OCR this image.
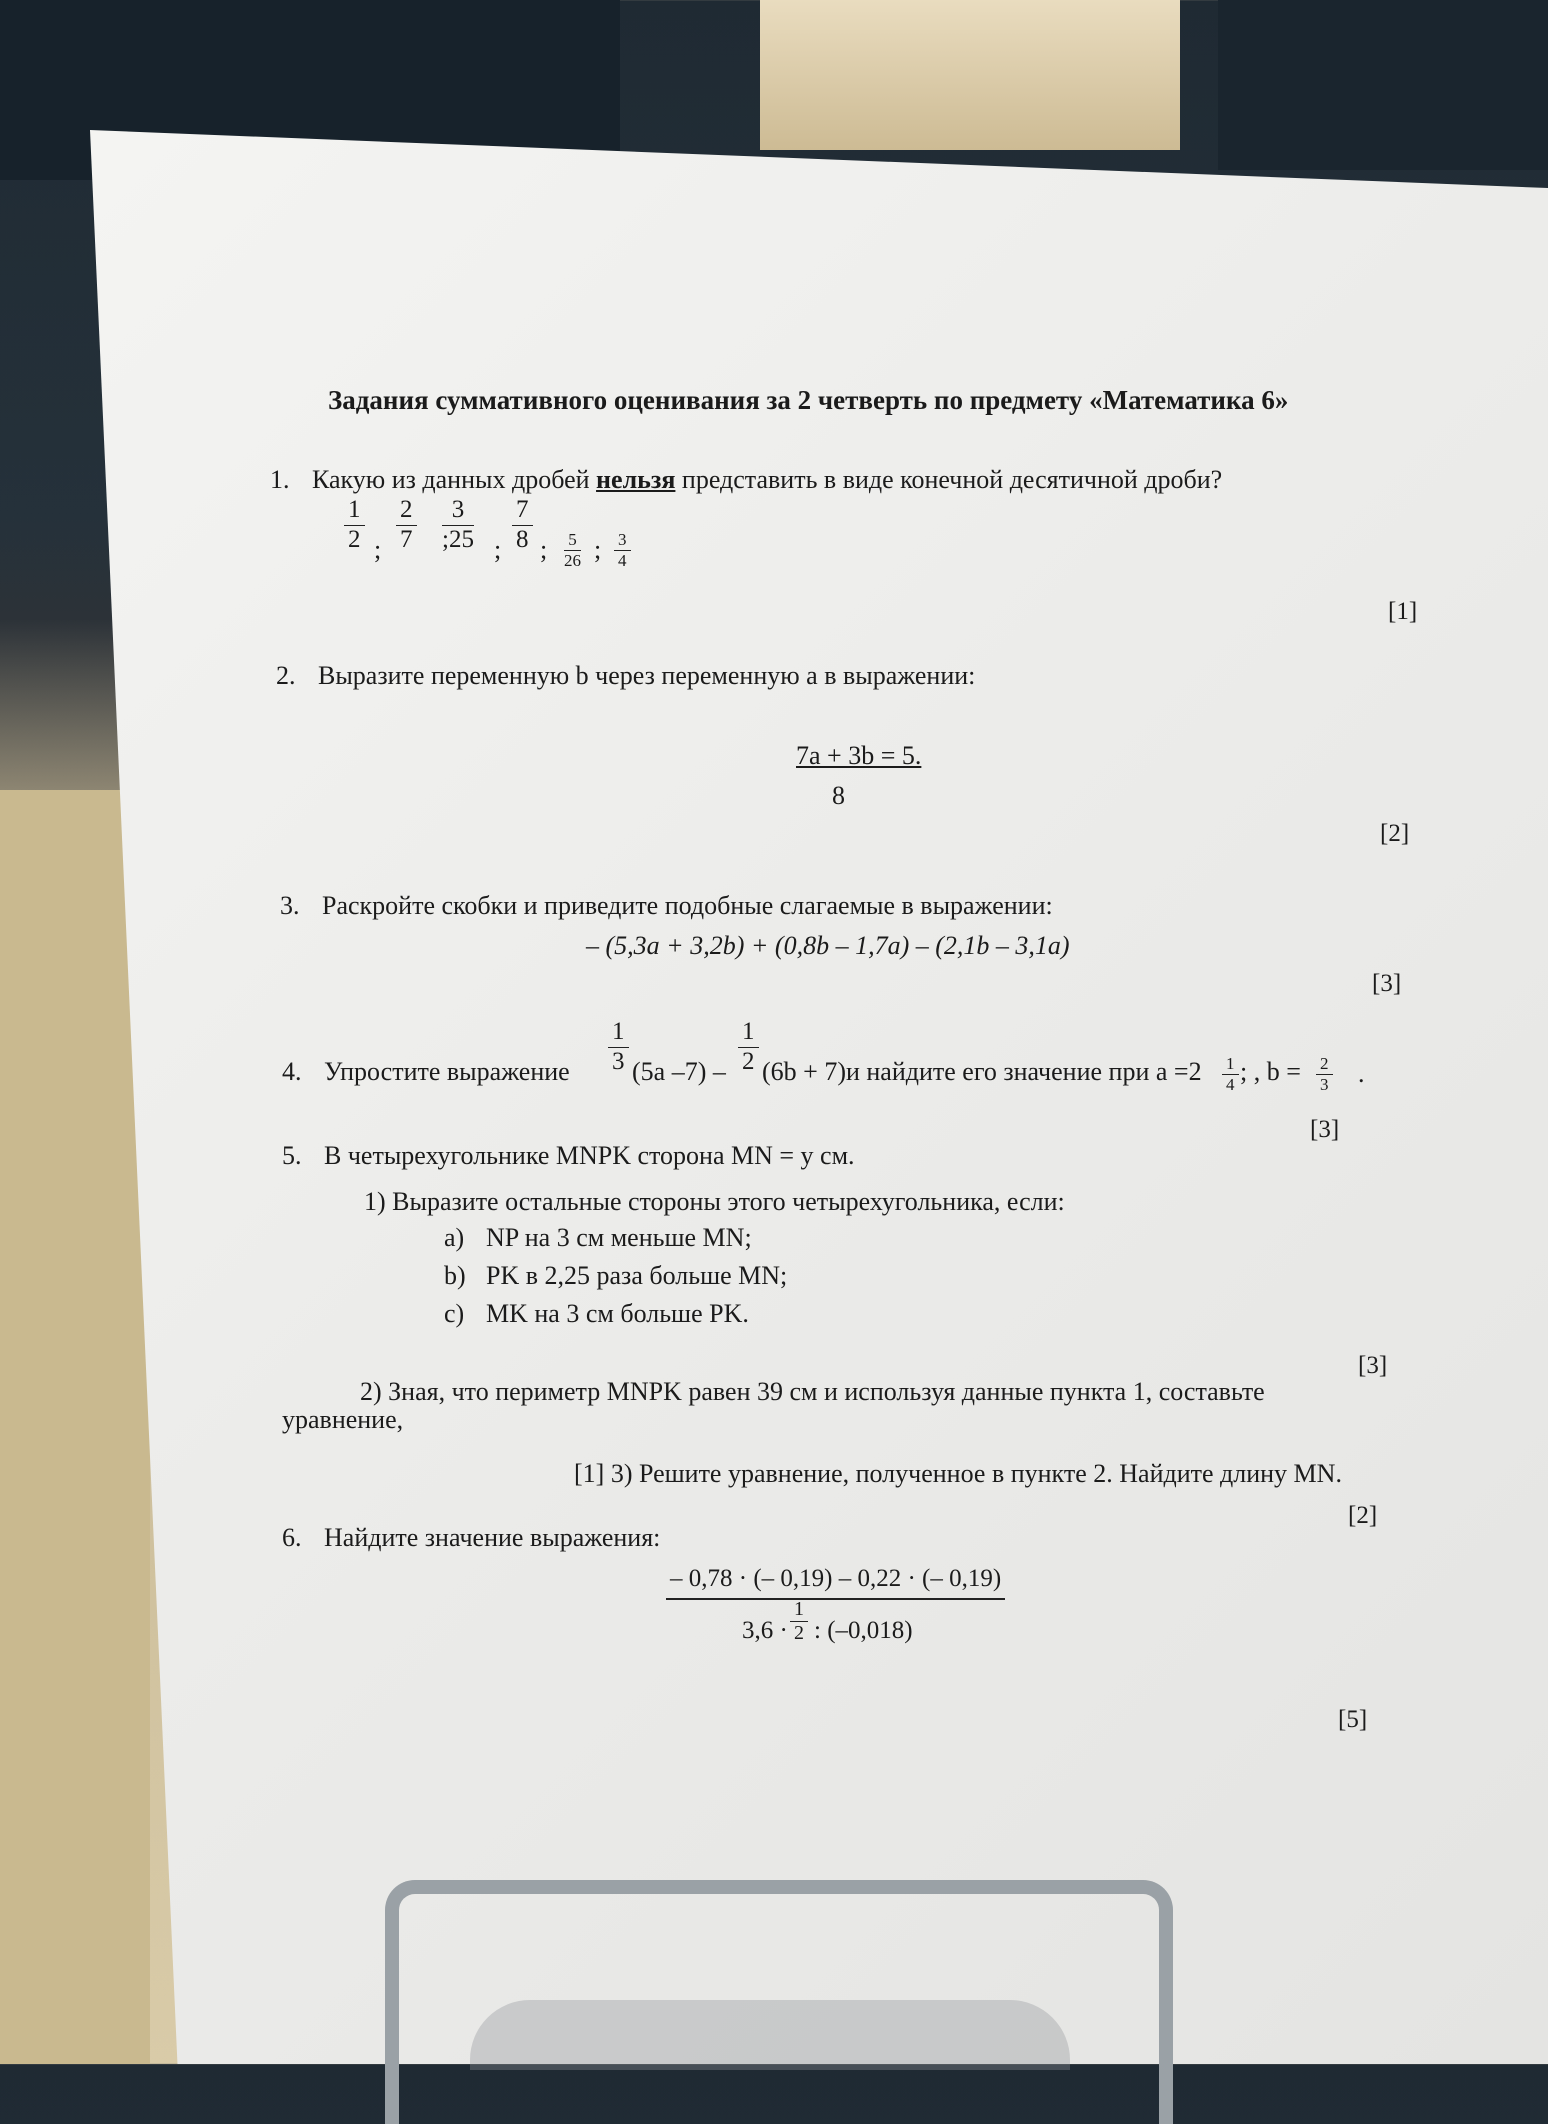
Задания суммативного оценивания за 2 четверть по предмету «Математика 6»
1. Какую из данных дробей нельзя представить в виде конечной десятичной дроби?
$\frac{1}{2}$ ; $\frac{2}{7} \frac{3}{;25}$ ; $\frac{7}{8}$ ; $\frac{5}{26}$ ; $\frac{3}{4}$
[1]
2. Выразите переменную b через переменную a в выражении:
7a + 3b = 5.
8
[2]
3. Раскройте скобки и приведите подобные слагаемые в выражении:
– (5,3a + 3,2b) + (0,8b – 1,7a) – (2,1b – 3,1a)
[3]
4. Упростите выражение $\frac{1}{3} (5a$ $-7) - \frac{1}{2} (6b + 7)и$ найдите его значение при $a =2 \frac{1}{4}$ ; , $b = \frac{2}{3}$ .
[3]
5. В четырехугольнике MNPK сторона MN = y см.
1) Выразите остальные стороны этого четырехугольника, если:
a) NP на 3 см меньше MN;
b) PK в 2,25 раза больше MN;
c) MK на 3 см больше PK.
[3]
2) Зная, что периметр MNPK равен 39 см и используя данные пункта 1, составьте
уравнение,
[1] 3) Решите уравнение, полученное в пункте 2. Найдите длину MN.
[2]
6. Найдите значение выражения:
– 0,78 · (– 0,19) – 0,22 · (– 0,19)
$3,6 \cdot \frac{1}{2}$ : (–0,018)
[5]
